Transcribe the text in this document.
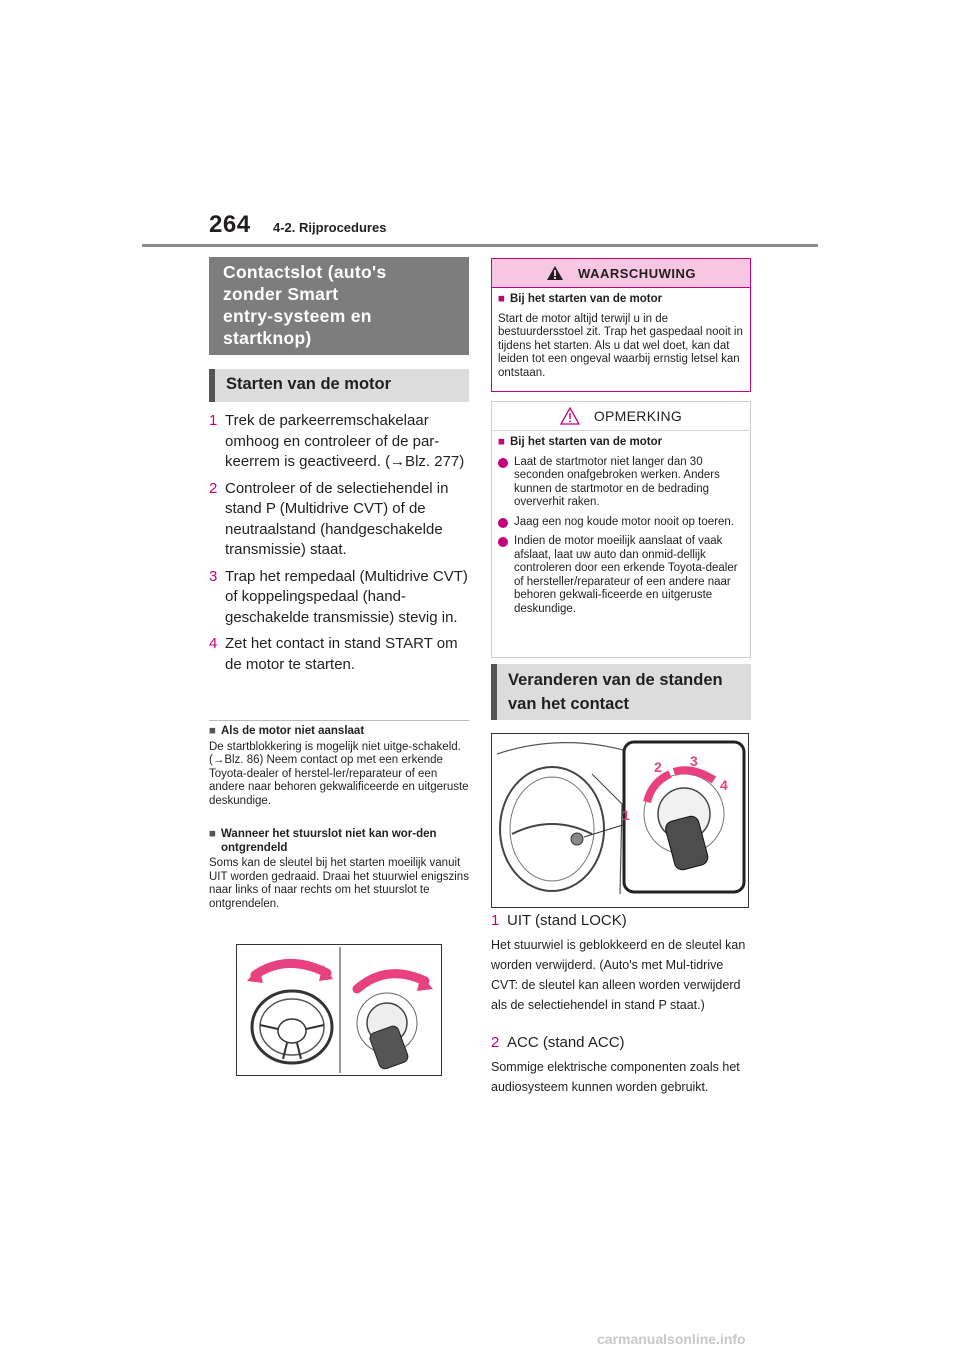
264 4-2. Rijprocedures
Contactslot (auto's
zonder Smart
entry-systeem en
startknop)
Starten van de motor
1 Trek de parkeerremschakelaar omhoog en controleer of de par-keerrem is geactiveerd. (→Blz. 277)
2 Controleer of de selectiehendel in stand P (Multidrive CVT) of de neutraalstand (handgeschakelde transmissie) staat.
3 Trap het rempedaal (Multidrive CVT) of koppelingspedaal (hand-geschakelde transmissie) stevig in.
4 Zet het contact in stand START om de motor te starten.
■ Als de motor niet aanslaat
De startblokkering is mogelijk niet uitge-schakeld. (→Blz. 86) Neem contact op met een erkende Toyota-dealer of herstel-ler/reparateur of een andere naar behoren gekwalificeerde en uitgeruste deskundige.
■ Wanneer het stuurslot niet kan wor-den ontgrendeld
Soms kan de sleutel bij het starten moeilijk vanuit UIT worden gedraaid. Draai het stuurwiel enigszins naar links of naar rechts om het stuurslot te ontgrendelen.
WAARSCHUWING
■ Bij het starten van de motor
Start de motor altijd terwijl u in de bestuurdersstoel zit. Trap het gaspedaal nooit in tijdens het starten. Als u dat wel doet, kan dat leiden tot een ongeval waarbij ernstig letsel kan ontstaan.
OPMERKING
■ Bij het starten van de motor
Laat de startmotor niet langer dan 30 seconden onafgebroken werken. Anders kunnen de startmotor en de bedrading oververhit raken.
Jaag een nog koude motor nooit op toeren.
Indien de motor moeilijk aanslaat of vaak afslaat, laat uw auto dan onmid-dellijk controleren door een erkende Toyota-dealer of hersteller/reparateur of een andere naar behoren gekwali-ficeerde en uitgeruste deskundige.
Veranderen van de standen van het contact
1
2 3
4
1 UIT (stand LOCK)
Het stuurwiel is geblokkeerd en de sleutel kan worden verwijderd. (Auto's met Mul-tidrive CVT: de sleutel kan alleen worden verwijderd als de selectiehendel in stand P staat.)
2 ACC (stand ACC)
Sommige elektrische componenten zoals het audiosysteem kunnen worden gebruikt.
carmanualsonline.info
